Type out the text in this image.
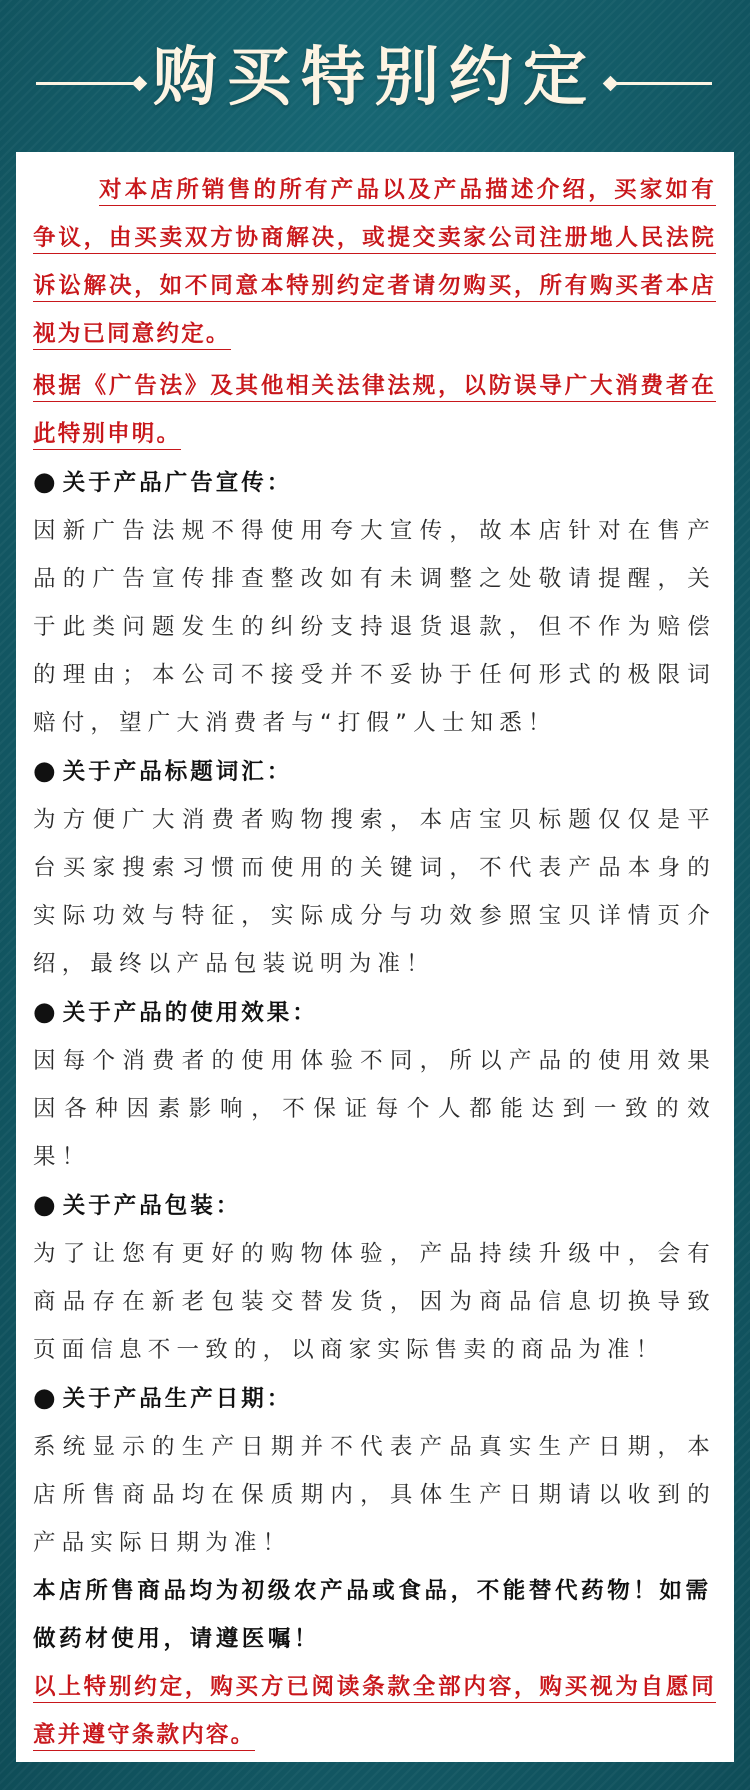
购买特别约定

对本店所销售的所有产品以及产品描述介绍，买家如有争议，由买卖双方协商解决，或提交卖家公司注册地人民法院诉讼解决，如不同意本特别约定者请勿购买，所有购买者本店视为已同意约定。

根据《广告法》及其他相关法律法规，以防误导广大消费者在此特别申明。

● 关于产品广告宣传：

因新广告法规不得使用夸大宣传，故本店针对在售产品的广告宣传排查整改如有未调整之处敬请提醒，关于此类问题发生的纠纷支持退货退款，但不作为赔偿的理由；本公司不接受并不妥协于任何形式的极限词赔付，望广大消费者与“打假”人士知悉！

● 关于产品标题词汇：

为方便广大消费者购物搜索，本店宝贝标题仅仅是平台买家搜索习惯而使用的关键词，不代表产品本身的实际功效与特征，实际成分与功效参照宝贝详情页介绍，最终以产品包装说明为准！

● 关于产品的使用效果：

因每个消费者的使用体验不同，所以产品的使用效果因各种因素影响，不保证每个人都能达到一致的效果！

● 关于产品包装：

为了让您有更好的购物体验，产品持续升级中，会有商品存在新老包装交替发货，因为商品信息切换导致页面信息不一致的，以商家实际售卖的商品为准！

● 关于产品生产日期：

系统显示的生产日期并不代表产品真实生产日期，本店所售商品均在保质期内，具体生产日期请以收到的产品实际日期为准！

本店所售商品均为初级农产品或食品，不能替代药物！如需做药材使用，请遵医嘱！

以上特别约定，购买方已阅读条款全部内容，购买视为自愿同意并遵守条款内容。
